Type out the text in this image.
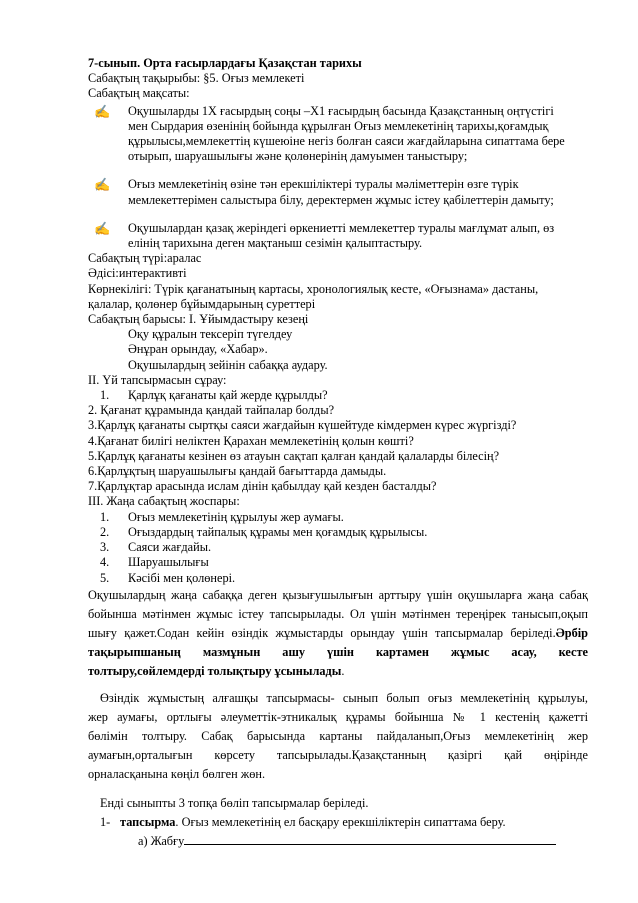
7-сынып. Орта ғасырлардағы Қазақстан тарихы
Сабақтың тақырыбы: §5. Оғыз мемлекеті
Сабақтың мақсаты:
✍	Оқушыларды 1Х ғасырдың соңы –Х1 ғасырдың басында Қазақстанның оңтүстігі
мен Сырдария өзенінің бойында құрылған Оғыз мемлекетінің тарихы,қоғамдық
құрылысы,мемлекеттің күшеюіне негіз болған саяси жағдайларына сипаттама бере
отырып, шаруашылығы және қолөнерінің дамуымен таныстыру;
✍	Оғыз мемлекетінің өзіне тән ерекшіліктері туралы мәліметтерін өзге түрік
мемлекеттерімен салыстыра білу, деректермен жұмыс істеу қабілеттерін дамыту;
✍	Оқушылардан қазақ жеріндегі өркениетті мемлекеттер туралы мағлұмат алып, өз
елінің тарихына деген мақтаныш сезімін қалыптастыру.
Сабақтың түрі:аралас
Әдісі:интерактивті
Көрнекілігі: Түрік қағанатының картасы, хронологиялық кесте, «Оғызнама» дастаны,
қалалар, қолөнер бұйымдарының суреттері
Сабақтың барысы: І. Ұйымдастыру кезеңі
Оқу құралын тексеріп түгелдеу
Әнұран орындау, «Хабар».
Оқушылардың зейінін сабаққа аудару.
ІІ. Үй тапсырмасын сұрау:
1.	Қарлұқ қағанаты қай жерде құрылды?
2. Қағанат құрамында қандай тайпалар болды?
3.Қарлұқ қағанаты сыртқы саяси жағдайын күшейтуде кімдермен күрес жүргізді?
4.Қағанат билігі неліктен Қарахан мемлекетінің қолын көшті?
5.Қарлұқ қағанаты кезінен өз атауын сақтап қалған қандай қалаларды білесің?
6.Қарлұқтың шаруашылығы қандай бағыттарда дамыды.
7.Қарлұқтар арасында ислам дінін қабылдау қай кезден басталды?
ІІІ. Жаңа сабақтың жоспары:
1.	Оғыз мемлекетінің құрылуы жер аумағы.
2.	Оғыздардың тайпалық құрамы мен қоғамдық құрылысы.
3.	Саяси жағдайы.
4.	Шаруашылығы
5.	Кәсібі мен қолөнері.
Оқушылардың жаңа сабаққа деген қызығушылығын арттыру үшін оқушыларға жаңа сабақ
бойынша мәтінмен жұмыс істеу тапсырылады. Ол үшін мәтінмен тереңірек танысып,оқып
шығу қажет.Содан кейін өзіндік жұмыстарды орындау үшін тапсырмалар беріледі.Әрбір
тақырыпшаның мазмұнын ашу үшін картамен жұмыс асау, кесте
толтыру,сөйлемдерді толықтыру ұсынылады.
Өзіндік жұмыстың алғашқы тапсырмасы- сынып болып оғыз мемлекетінің құрылуы,
жер аумағы, ортлығы әлеуметтік-этникалық құрамы бойынша № 1 кестенің қажетті
бөлімін толтыру. Сабақ барысында картаны пайдаланып,Оғыз мемлекетінің жер
аумағын,орталығын көрсету тапсырылады.Қазақстанның қазіргі қай өңірінде
орналасқанына көңіл бөлген жөн.
Енді сыныпты 3 топқа бөліп тапсырмалар беріледі.
1- тапсырма. Оғыз мемлекетінің ел басқару ерекшіліктерін сипаттама беру.
а) Жабғу
